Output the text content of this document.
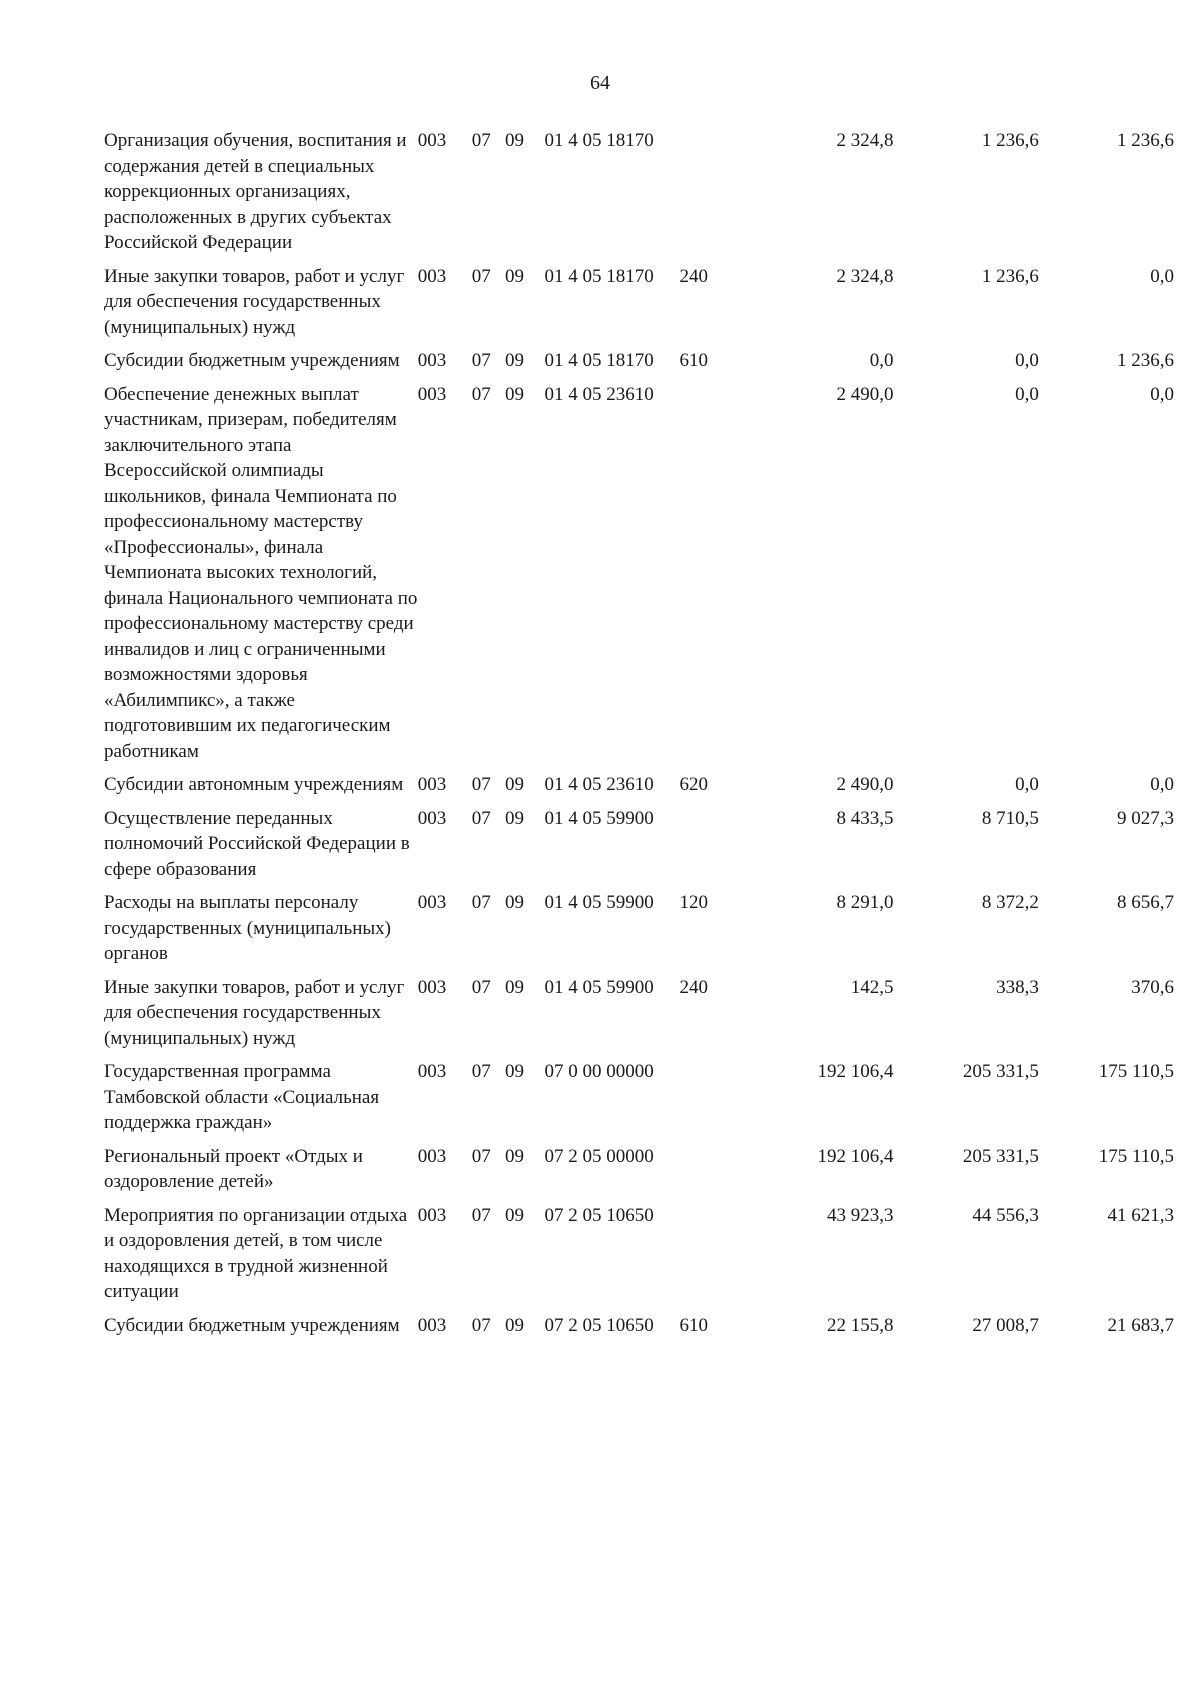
64
Организация обучения, воспитания и содержания детей в специальных коррекционных организациях, расположенных в других субъектах Российской Федерации	003	07	09	01 4 05 18170		2 324,8	1 236,6	1 236,6
Иные закупки товаров, работ и услуг для обеспечения государственных (муниципальных) нужд	003	07	09	01 4 05 18170	240	2 324,8	1 236,6	0,0
Субсидии бюджетным учреждениям	003	07	09	01 4 05 18170	610	0,0	0,0	1 236,6
Обеспечение денежных выплат участникам, призерам, победителям заключительного этапа Всероссийской олимпиады школьников, финала Чемпионата по профессиональному мастерству «Профессионалы», финала Чемпионата высоких технологий, финала Национального чемпионата по профессиональному мастерству среди инвалидов и лиц с ограниченными возможностями здоровья «Абилимпикс», а также подготовившим их педагогическим работникам	003	07	09	01 4 05 23610		2 490,0	0,0	0,0
Субсидии автономным учреждениям	003	07	09	01 4 05 23610	620	2 490,0	0,0	0,0
Осуществление переданных полномочий Российской Федерации в сфере образования	003	07	09	01 4 05 59900		8 433,5	8 710,5	9 027,3
Расходы на выплаты персоналу государственных (муниципальных) органов	003	07	09	01 4 05 59900	120	8 291,0	8 372,2	8 656,7
Иные закупки товаров, работ и услуг для обеспечения государственных (муниципальных) нужд	003	07	09	01 4 05 59900	240	142,5	338,3	370,6
Государственная программа Тамбовской области «Социальная поддержка граждан»	003	07	09	07 0 00 00000		192 106,4	205 331,5	175 110,5
Региональный проект «Отдых и оздоровление детей»	003	07	09	07 2 05 00000		192 106,4	205 331,5	175 110,5
Мероприятия по организации отдыха и оздоровления детей, в том числе находящихся в трудной жизненной ситуации	003	07	09	07 2 05 10650		43 923,3	44 556,3	41 621,3
Субсидии бюджетным учреждениям	003	07	09	07 2 05 10650	610	22 155,8	27 008,7	21 683,7
